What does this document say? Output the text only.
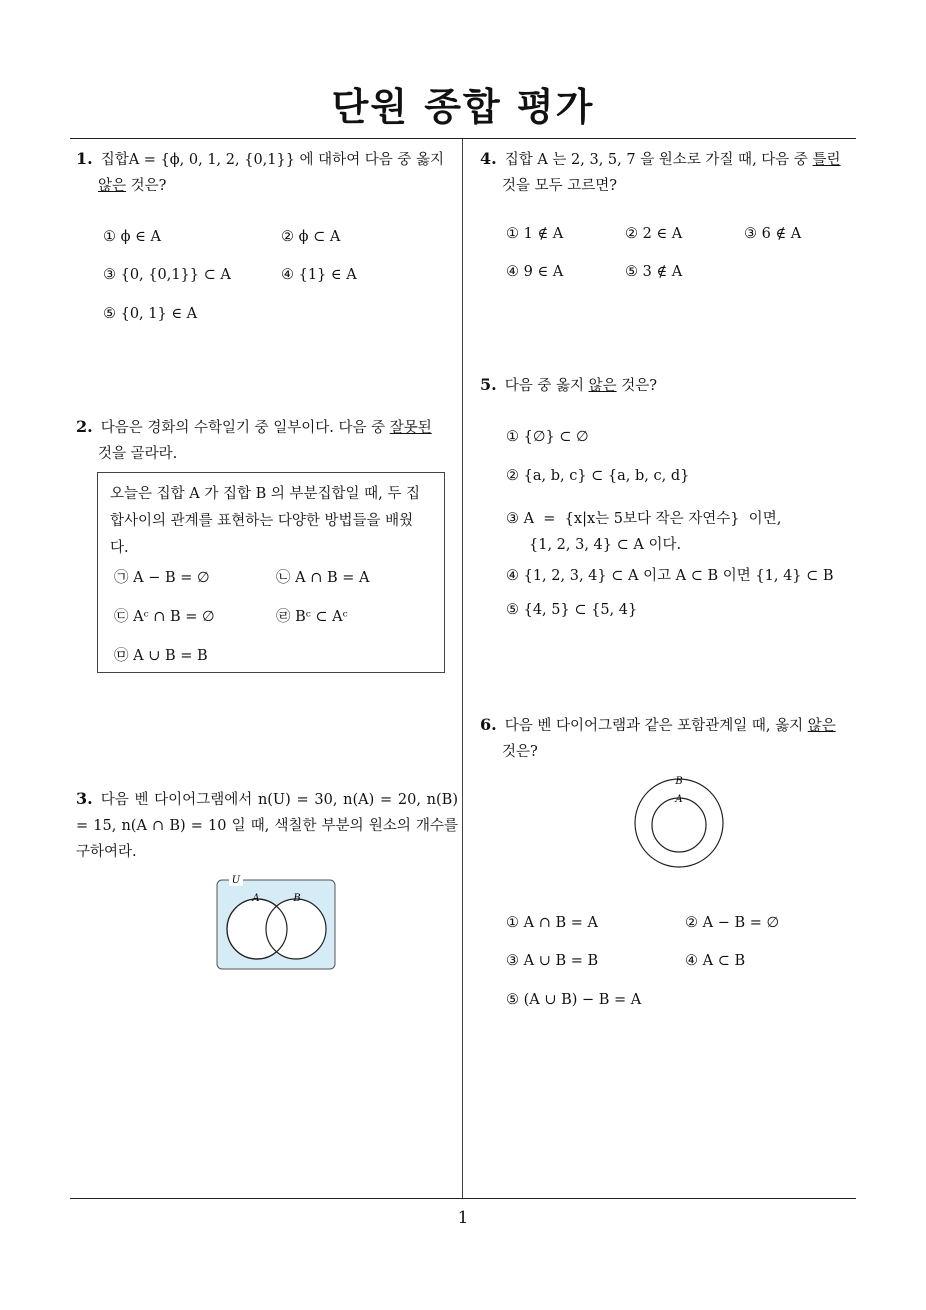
단원 종합 평가
1. 집합A = {ϕ, 0, 1, 2, {0,1}} 에 대하여 다음 중 옳지
않은 것은?
① ϕ ∈ A	② ϕ ⊂ A
③ {0, {0,1}} ⊂ A	④ {1} ∈ A
⑤ {0, 1} ∈ A
2. 다음은 경화의 수학일기 중 일부이다. 다음 중 잘못된
것을 골라라.
오늘은 집합 A 가 집합 B 의 부분집합일 때, 두 집합사이의 관계를 표현하는 다양한 방법들을 배웠다.
㉠ A − B = ∅	㉡ A ∩ B = A
㉢ Aᶜ ∩ B = ∅	㉣ Bᶜ ⊂ Aᶜ
㉤ A ∪ B = B
3. 다음 벤 다이어그램에서 n(U) = 30, n(A) = 20, n(B) = 15, n(A ∩ B) = 10 일 때, 색칠한 부분의 원소의 개수를 구하여라.
U
A	B
4. 집합 A 는 2, 3, 5, 7 을 원소로 가질 때, 다음 중 틀린
것을 모두 고르면?
① 1 ∉ A	② 2 ∈ A	③ 6 ∉ A
④ 9 ∈ A	⑤ 3 ∉ A
5. 다음 중 옳지 않은 것은?
① {∅} ⊂ ∅
② {a, b, c} ⊂ {a, b, c, d}
③ A  =  {x|x는 5보다 작은 자연수}  이면,
{1, 2, 3, 4} ⊂ A 이다.
④ {1, 2, 3, 4} ⊂ A 이고 A ⊂ B 이면 {1, 4} ⊂ B
⑤ {4, 5} ⊂ {5, 4}
6. 다음 벤 다이어그램과 같은 포함관계일 때, 옳지 않은
것은?
B
A
① A ∩ B = A	② A − B = ∅
③ A ∪ B = B	④ A ⊂ B
⑤ (A ∪ B) − B = A
1
